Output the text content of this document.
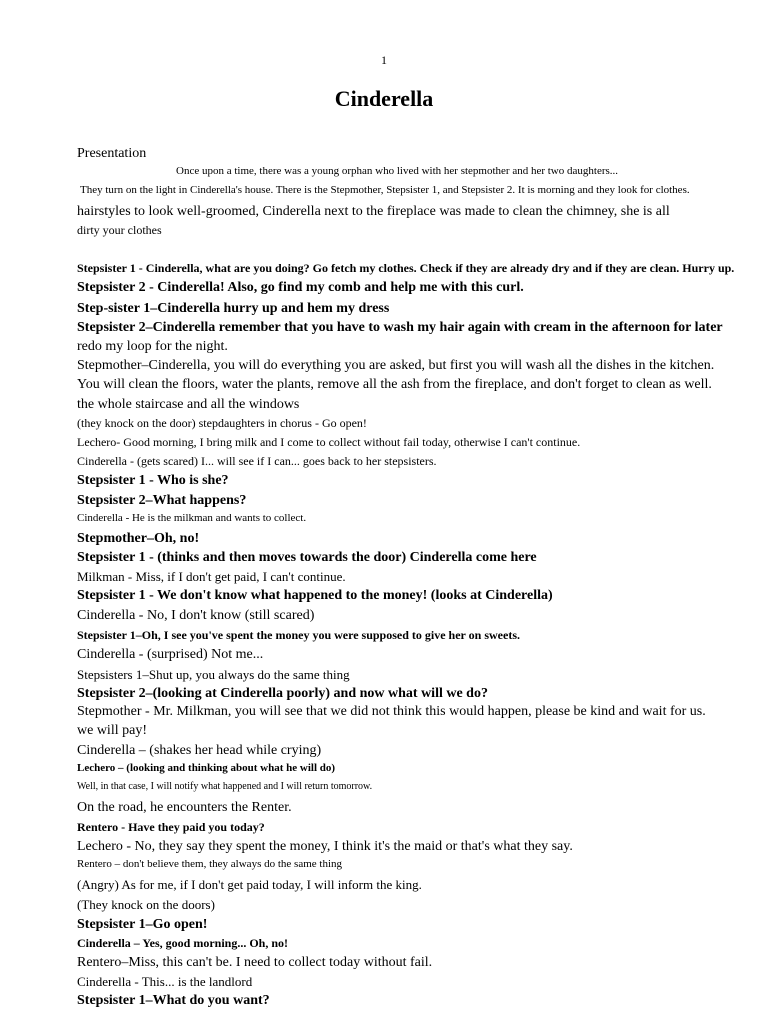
1
Cinderella
Presentation
Once upon a time, there was a young orphan who lived with her stepmother and her two daughters...
They turn on the light in Cinderella's house. There is the Stepmother, Stepsister 1, and Stepsister 2. It is morning and they look for clothes.
hairstyles to look well-groomed, Cinderella next to the fireplace was made to clean the chimney, she is all
dirty your clothes
Stepsister 1 - Cinderella, what are you doing? Go fetch my clothes. Check if they are already dry and if they are clean. Hurry up.
Stepsister 2 - Cinderella! Also, go find my comb and help me with this curl.
Step-sister 1–Cinderella hurry up and hem my dress
Stepsister 2–Cinderella remember that you have to wash my hair again with cream in the afternoon for later
redo my loop for the night.
Stepmother–Cinderella, you will do everything you are asked, but first you will wash all the dishes in the kitchen.
You will clean the floors, water the plants, remove all the ash from the fireplace, and don't forget to clean as well.
the whole staircase and all the windows
(they knock on the door) stepdaughters in chorus - Go open!
Lechero- Good morning, I bring milk and I come to collect without fail today, otherwise I can't continue.
Cinderella - (gets scared) I... will see if I can... goes back to her stepsisters.
Stepsister 1 - Who is she?
Stepsister 2–What happens?
Cinderella - He is the milkman and wants to collect.
Stepmother–Oh, no!
Stepsister 1 - (thinks and then moves towards the door) Cinderella come here
Milkman - Miss, if I don't get paid, I can't continue.
Stepsister 1 - We don't know what happened to the money! (looks at Cinderella)
Cinderella - No, I don't know (still scared)
Stepsister 1–Oh, I see you've spent the money you were supposed to give her on sweets.
Cinderella - (surprised) Not me...
Stepsisters 1–Shut up, you always do the same thing
Stepsister 2–(looking at Cinderella poorly) and now what will we do?
Stepmother - Mr. Milkman, you will see that we did not think this would happen, please be kind and wait for us.
we will pay!
Cinderella – (shakes her head while crying)
Lechero – (looking and thinking about what he will do)
Well, in that case, I will notify what happened and I will return tomorrow.
On the road, he encounters the Renter.
Rentero - Have they paid you today?
Lechero - No, they say they spent the money, I think it's the maid or that's what they say.
Rentero – don't believe them, they always do the same thing
(Angry) As for me, if I don't get paid today, I will inform the king.
(They knock on the doors)
Stepsister 1–Go open!
Cinderella – Yes, good morning... Oh, no!
Rentero–Miss, this can't be. I need to collect today without fail.
Cinderella - This... is the landlord
Stepsister 1–What do you want?
